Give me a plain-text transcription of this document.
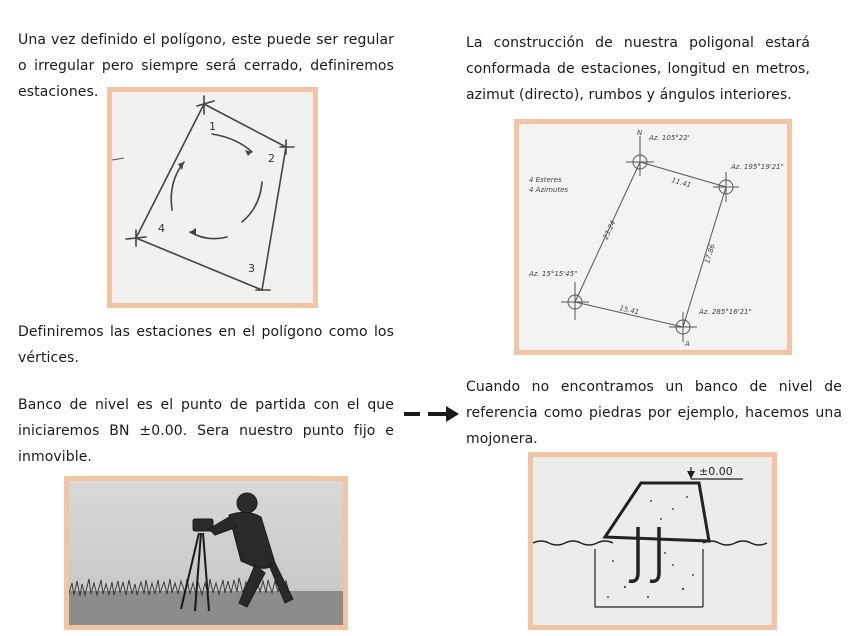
Una vez definido el polígono, este puede ser regular o irregular pero siempre será cerrado, definiremos estaciones.
1
2
3
4
Definiremos las estaciones en el polígono como los vértices.
Banco de nivel es el punto de partida con el que iniciaremos BN ±0.00. Sera nuestro punto fijo e inmovible.
La construcción de nuestra poligonal estará conformada de estaciones, longitud en metros, azimut (directo), rumbos y ángulos interiores.
N
4 Esteres
4 Azimutes
Az. 105°22'
Az. 195°19'21"
Az. 285°16'21"
Az. 15°15'45"
11.41
17.86
23.24
15.41
A
Cuando no encontramos un banco de nivel de referencia como piedras por ejemplo, hacemos una mojonera.
±0.00
